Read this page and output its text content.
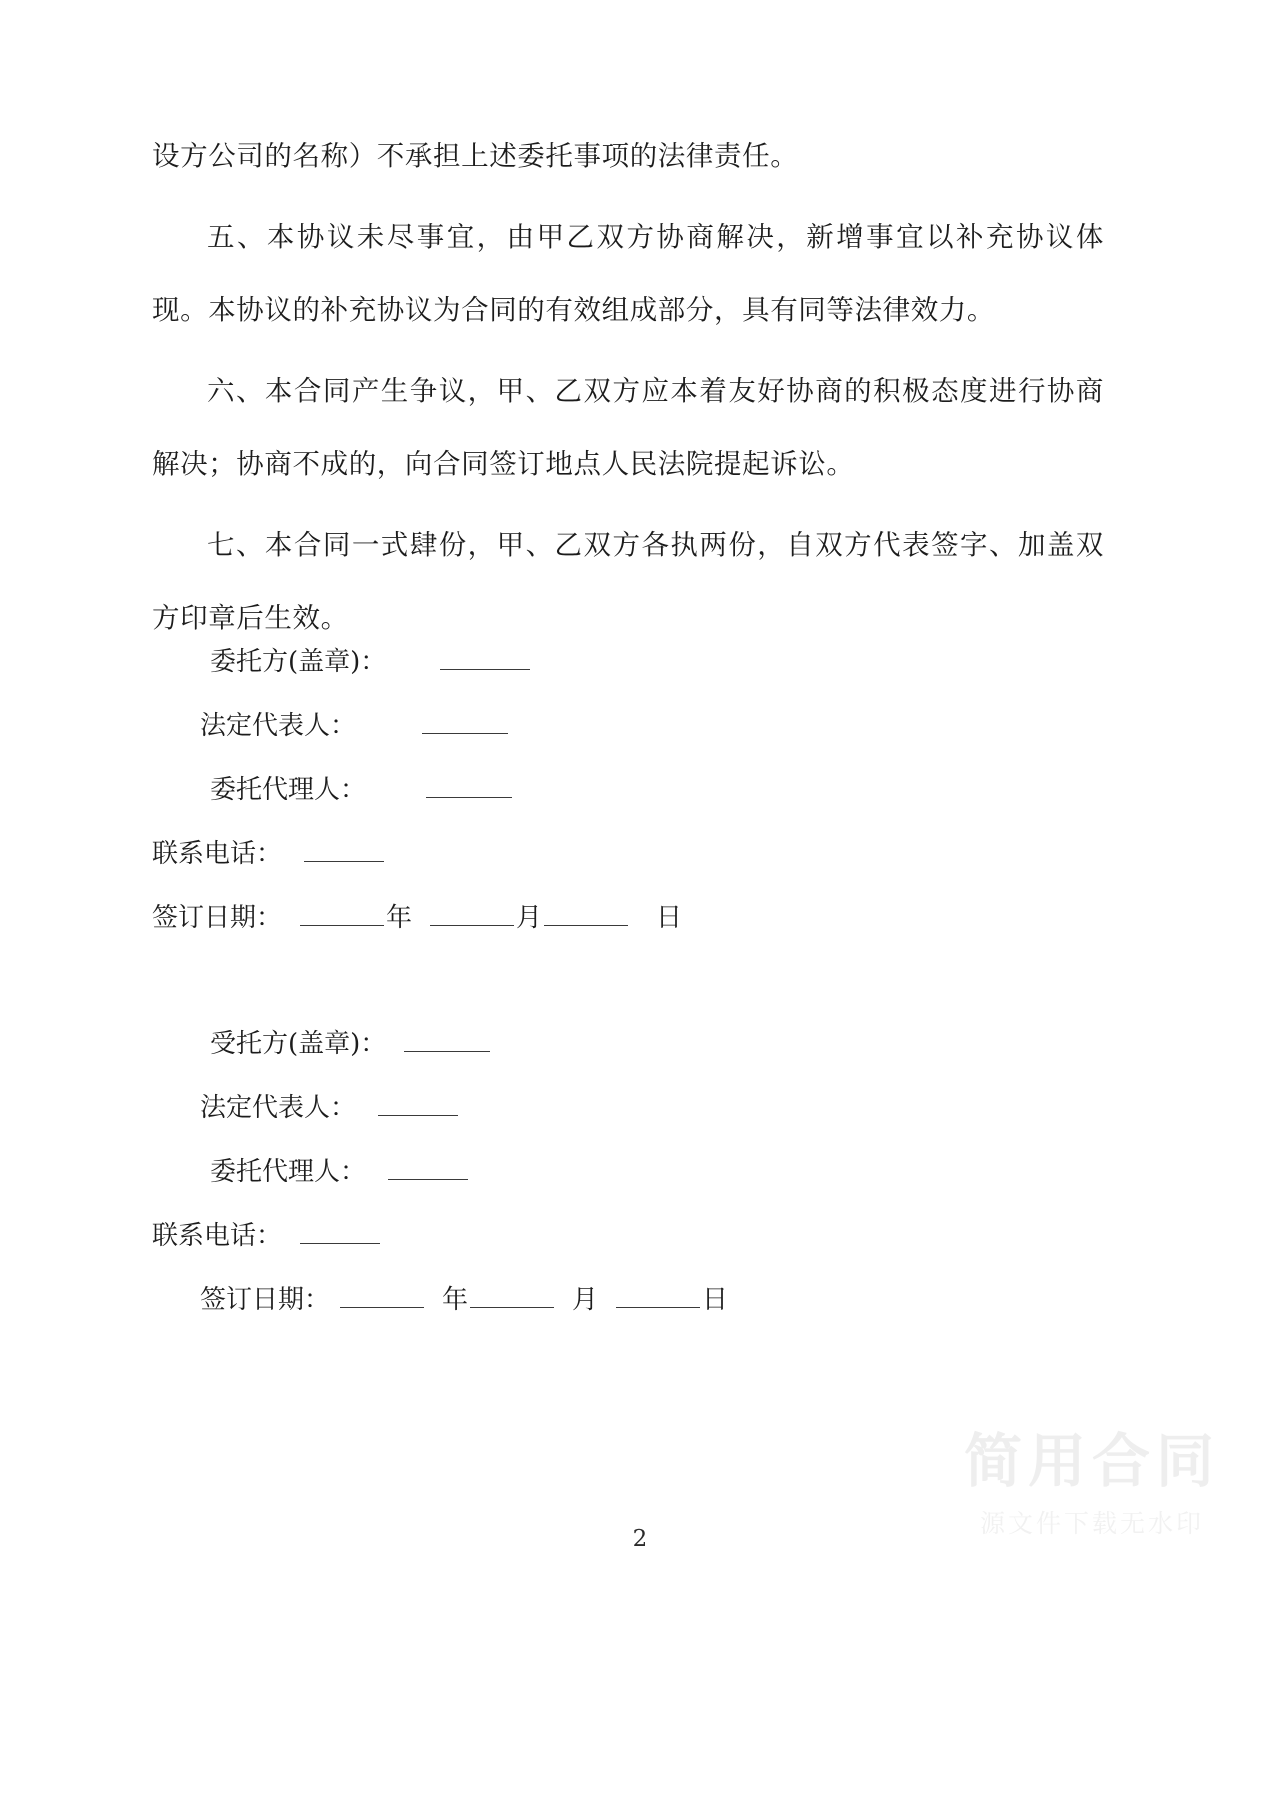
设方公司的名称）不承担上述委托事项的法律责任。

五、本协议未尽事宜，由甲乙双方协商解决，新增事宜以补充协议体现。本协议的补充协议为合同的有效组成部分，具有同等法律效力。

六、本合同产生争议，甲、乙双方应本着友好协商的积极态度进行协商解决；协商不成的，向合同签订地点人民法院提起诉讼。

七、本合同一式肆份，甲、乙双方各执两份，自双方代表签字、加盖双方印章后生效。

委托方(盖章)：
法定代表人：
委托代理人：
联系电话：
签订日期：	年	月	日
受托方(盖章)：
法定代表人：
委托代理人：
联系电话：
签订日期：	年	月	日
简用合同
源文件下载无水印
2
